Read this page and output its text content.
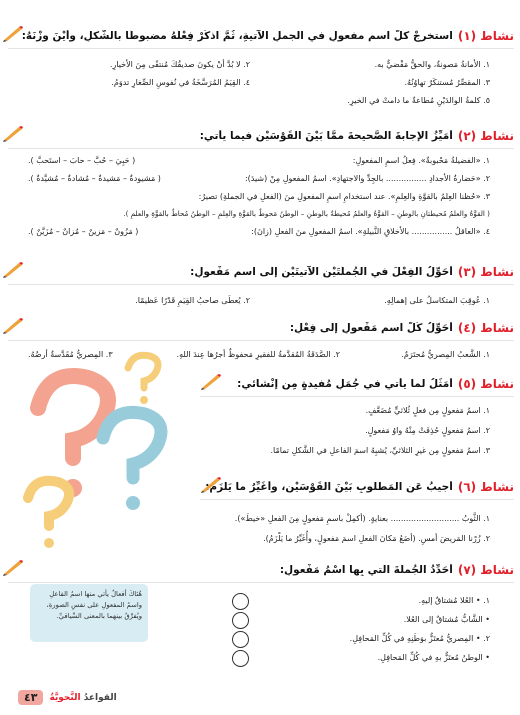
نشاط (١)
استخرجْ كلَّ اسمِ مفعولٍ في الجملِ الآتيةِ، ثُمَّ اذكُرْ فِعْلَهُ مضبوطًا بالشَّكلِ، وأيْنَ وزْنَهُ:
١. الأمانةُ مَصونةٌ، والحقُّ مَقْضيٌّ به.
٢. لا بُدَّ أنْ يكونَ صديقُكَ مُنتقًى مِنَ الأخيارِ.
٣. المقصِّرُ مُستنكَرٌ تهاوُنُهُ.
٤. القِيَمُ المُرَسَّخَةُ في نُفوسِ الصِّغارِ تدوَمُ.
٥. كلمةُ الوالدَيْنِ مُطاعةٌ ما دامتْ في الخيرِ.
نشاط (٢)
أمَيِّزُ الإجابةَ الصَّحيحةَ ممَّا بَيْنَ القَوْسَيْنِ فيما يأْتي:
١. «الفضيلةُ مَحْبوبةٌ». فِعلُ اسمِ المفعولِ:
( حَبِيَ – حُبَّ – حابَ – استَحبَّ ).
٢. «حَضارةُ الأجدادِ ................ بالجِدِّ والاجتهادِ». اسمُ المفعولِ مِنْ (شيدَ):
( مَشيودةٌ – مَشيدةٌ – مُشادةٌ – مُشيَّدةٌ ).
٣. «حُظنا العِلمُ بالقوَّةِ والعِلمِ». عند استخدامِ اسمِ المفعولِ منَ (الفعلِ في الجملةِ) تصيرُ:
( القوَّةُ والعلمُ مُحيطتانِ بالوطنِ – القوَّةُ والعلمُ مُحيطةٌ بالوطنِ – الوطنُ مَحوطٌ بالقوَّةِ والعِلمِ – الوطنُ مُحاطٌ بالقوَّةِ والعلمِ ).
٤. «العاقلُ ................ بالأخلاقِ النَّبيلةِ». اسمُ المفعولِ منَ الفعلِ (زانَ):
( مَزُونٌ – مَزينٌ – مُزانٌ – مُزَيَّنٌ ).
نشاط (٣)
أحَوِّلُ الفِعْلَ في الجُملَتَيْنِ الآتيتَيْنِ إلى اسمِ مَفْعولٍ:
١. عُوقِبَ المتكاسلُ على إهمالِهِ.
٢. يُعطَى صاحبُ القِيَمِ قَدْرًا عَظيمًا.
نشاط (٤)
أحَوِّلُ كُلَّ اسمِ مَفْعولٍ إلى فِعْلٍ:
١. الشَّعبُ المِصريُّ مُحتَرَمٌ.
٢. الصَّدَقَةُ المُقدَّمةُ للفقيرِ مَحفوظٌ أجرُها عِندَ اللهِ.
٣. المِصريُّ مُقَدَّسةٌ أرضُهُ.
نشاط (٥)
أمَثِّلُ لما يأتي في جُمَلٍ مُفيدةٍ مِن إنْشائي:
١. اسمُ مَفعولٍ مِن فعلٍ ثُلاثيٍّ مُضَعَّفٍ.
٢. اسمُ مَفعولٍ حُذِفَتْ مِنْهُ واوُ مَفعولٍ.
٣. اسمُ مَفعولٍ مِن غيرِ الثلاثيِّ، يُشبِهُ اسمَ الفاعلِ في الشَّكلِ تمامًا.
نشاط (٦)
أُجيبُ عَنِ المَطلوبِ بَيْنَ القَوْسَيْنِ، وأُغَيِّرُ ما يَلْزَمُ:
١. الثَّوبُ ........................... بعنايةٍ. (أكمِلْ باسمِ مَفعولٍ مِنَ الفعلِ «خيطَ»).
٢. زُرْنا المَريضَ أمسِ. (أضَعُ مَكانَ الفعلِ اسمَ مَفعولٍ، وأُغَيِّرُ ما يَلْزَمُ).
نشاط (٧)
أحَدِّدُ الجُملَةَ الَّتي بِها اسْمُ مَفْعولٍ:
١. • العُلا مُشتاقٌ إليهِ.
• الشَّابُّ مُشتاقٌ إلى العُلا.
٢. • المِصريُّ مُعتَزٌّ بوَطَنِهِ في كُلِّ المَحافِلِ.
• الوطنُ مُعتَزٌّ بهِ في كُلِّ المَحافِلِ.
هُنَاكَ أفعالٌ يأتي منها اسمُ الفاعلِ واسمُ المفعولِ على نفسِ الصورةِ، ويُفرَّقُ بينهما بالمعنى السِّياقيِّ.
٤٣	القواعدُ النَّحويَّةُ
